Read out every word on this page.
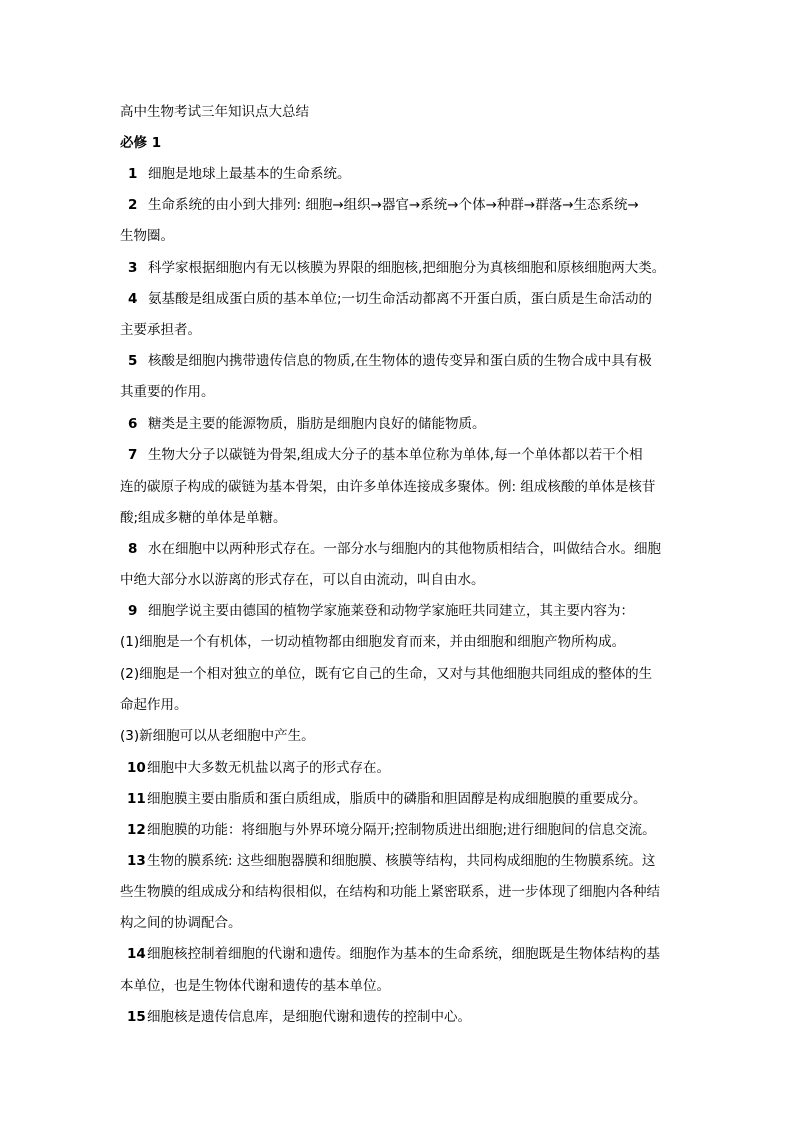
高中生物考试三年知识点大总结
必修 1
1 细胞是地球上最基本的生命系统。
2 生命系统的由小到大排列: 细胞→组织→器官→系统→个体→种群→群落→生态系统→
生物圈。
3 科学家根据细胞内有无以核膜为界限的细胞核,把细胞分为真核细胞和原核细胞两大类。
4 氨基酸是组成蛋白质的基本单位;一切生命活动都离不开蛋白质，蛋白质是生命活动的
主要承担者。
5 核酸是细胞内携带遗传信息的物质,在生物体的遗传变异和蛋白质的生物合成中具有极
其重要的作用。
6 糖类是主要的能源物质，脂肪是细胞内良好的储能物质。
7 生物大分子以碳链为骨架,组成大分子的基本单位称为单体,每一个单体都以若干个相
连的碳原子构成的碳链为基本骨架，由许多单体连接成多聚体。例: 组成核酸的单体是核苷
酸;组成多糖的单体是单糖。
8 水在细胞中以两种形式存在。一部分水与细胞内的其他物质相结合，叫做结合水。细胞
中绝大部分水以游离的形式存在，可以自由流动，叫自由水。
9 细胞学说主要由德国的植物学家施莱登和动物学家施旺共同建立，其主要内容为：
(1)细胞是一个有机体，一切动植物都由细胞发育而来，并由细胞和细胞产物所构成。
(2)细胞是一个相对独立的单位，既有它自己的生命，又对与其他细胞共同组成的整体的生
命起作用。
(3)新细胞可以从老细胞中产生。
10细胞中大多数无机盐以离子的形式存在。
11细胞膜主要由脂质和蛋白质组成，脂质中的磷脂和胆固醇是构成细胞膜的重要成分。
12细胞膜的功能：将细胞与外界环境分隔开;控制物质进出细胞;进行细胞间的信息交流。
13生物的膜系统: 这些细胞器膜和细胞膜、核膜等结构，共同构成细胞的生物膜系统。这
些生物膜的组成成分和结构很相似，在结构和功能上紧密联系，进一步体现了细胞内各种结
构之间的协调配合。
14细胞核控制着细胞的代谢和遗传。细胞作为基本的生命系统，细胞既是生物体结构的基
本单位，也是生物体代谢和遗传的基本单位。
15细胞核是遗传信息库，是细胞代谢和遗传的控制中心。
